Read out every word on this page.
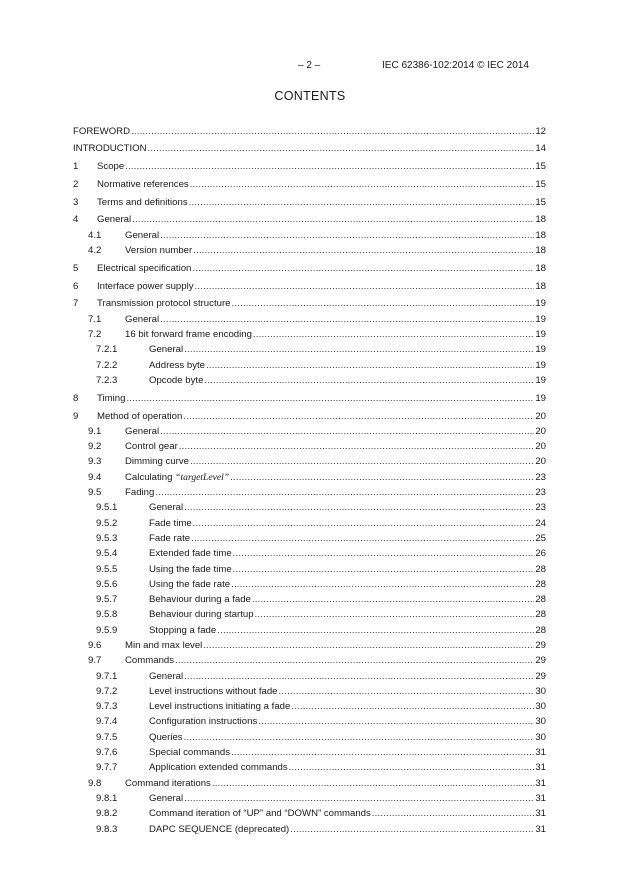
– 2 –	IEC 62386-102:2014 © IEC 2014
CONTENTS
FOREWORD .....	12
INTRODUCTION .....	14
1 Scope .....	15
2 Normative references .....	15
3 Terms and definitions .....	15
4 General .....	18
4.1 General .....	18
4.2 Version number .....	18
5 Electrical specification .....	18
6 Interface power supply .....	18
7 Transmission protocol structure .....	19
7.1 General .....	19
7.2 16 bit forward frame encoding .....	19
7.2.1	General .....	19
7.2.2	Address byte .....	19
7.2.3	Opcode byte .....	19
8 Timing .....	19
9 Method of operation .....	20
9.1 General .....	20
9.2 Control gear .....	20
9.3 Dimming curve .....	20
9.4 Calculating “targetLevel” .....	23
9.5 Fading .....	23
9.5.1	General .....	23
9.5.2	Fade time .....	24
9.5.3	Fade rate .....	25
9.5.4	Extended fade time .....	26
9.5.5	Using the fade time .....	28
9.5.6	Using the fade rate .....	28
9.5.7	Behaviour during a fade .....	28
9.5.8	Behaviour during startup .....	28
9.5.9	Stopping a fade .....	28
9.6 Min and max level .....	29
9.7 Commands .....	29
9.7.1	General .....	29
9.7.2	Level instructions without fade .....	30
9.7.3	Level instructions initiating a fade .....	30
9.7.4	Configuration instructions .....	30
9.7.5	Queries .....	30
9.7.6	Special commands .....	31
9.7.7	Application extended commands .....	31
9.8 Command iterations .....	31
9.8.1	General .....	31
9.8.2	Command iteration of “UP” and “DOWN” commands .....	31
9.8.3	DAPC SEQUENCE (deprecated) .....	31
